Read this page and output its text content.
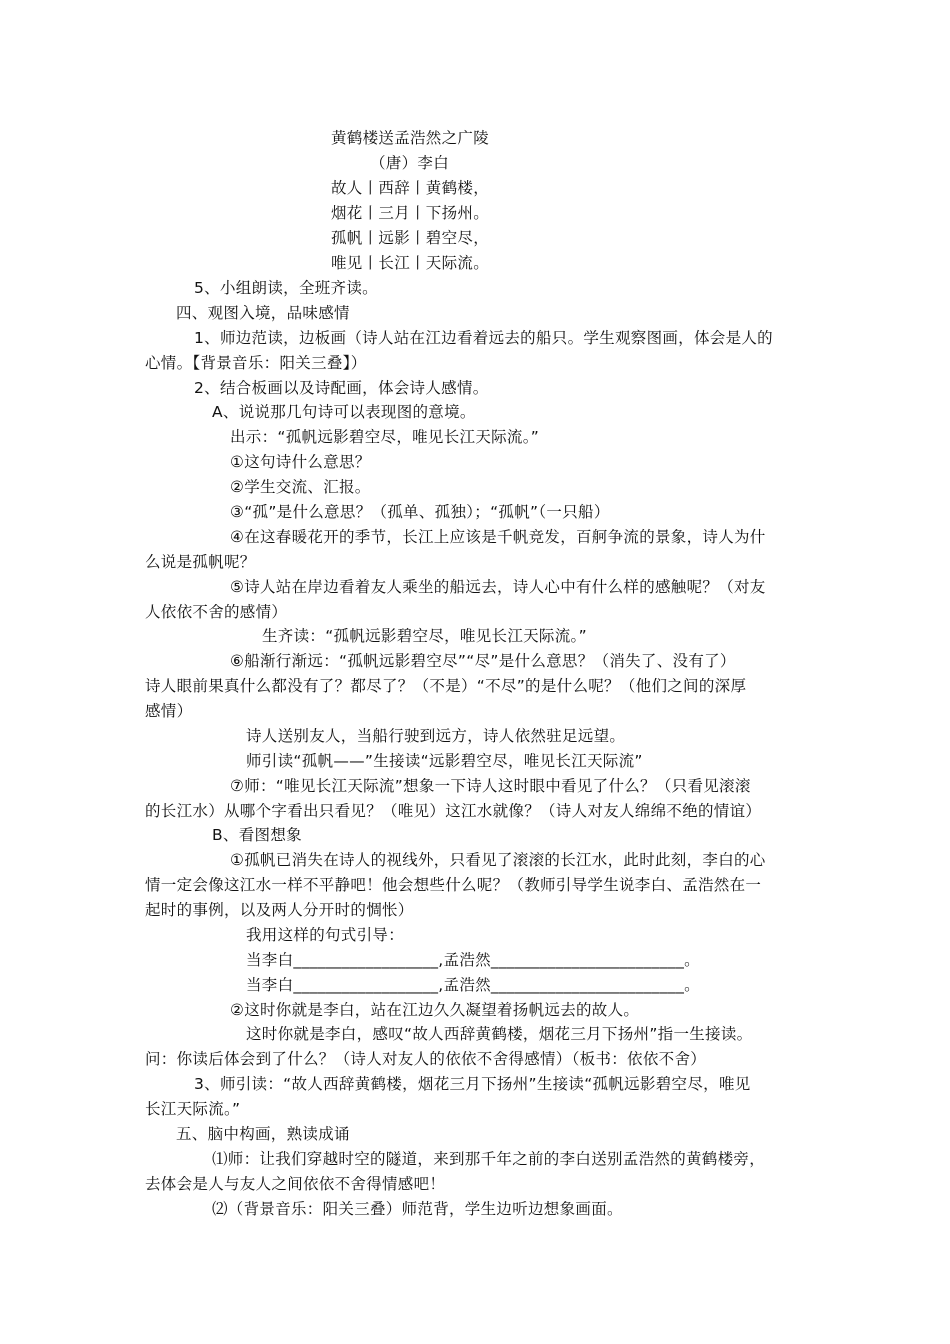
黄鹤楼送孟浩然之广陵
（唐）李白
故人丨西辞丨黄鹤楼，
烟花丨三月丨下扬州。
孤帆丨远影丨碧空尽，
唯见丨长江丨天际流。
5、小组朗读，全班齐读。
四、观图入境，品味感情
1、师边范读，边板画（诗人站在江边看着远去的船只。学生观察图画，体会是人的
心情。【背景音乐：阳关三叠】）
2、结合板画以及诗配画，体会诗人感情。
A、说说那几句诗可以表现图的意境。
出示：“孤帆远影碧空尽，唯见长江天际流。”
①这句诗什么意思？
②学生交流、汇报。
③“孤”是什么意思？（孤单、孤独）；“孤帆”（一只船）
④在这春暖花开的季节，长江上应该是千帆竞发，百舸争流的景象，诗人为什
么说是孤帆呢？
⑤诗人站在岸边看着友人乘坐的船远去，诗人心中有什么样的感触呢？（对友
人依依不舍的感情）
生齐读：“孤帆远影碧空尽，唯见长江天际流。”
⑥船渐行渐远：“孤帆远影碧空尽”“尽”是什么意思？（消失了、没有了）
诗人眼前果真什么都没有了？都尽了？（不是）“不尽”的是什么呢？（他们之间的深厚
感情）
诗人送别友人，当船行驶到远方，诗人依然驻足远望。
师引读“孤帆——”生接读“远影碧空尽，唯见长江天际流”
⑦师：“唯见长江天际流”想象一下诗人这时眼中看见了什么？（只看见滚滚
的长江水）从哪个字看出只看见？（唯见）这江水就像？（诗人对友人绵绵不绝的情谊）
B、看图想象
①孤帆已消失在诗人的视线外，只看见了滚滚的长江水，此时此刻，李白的心
情一定会像这江水一样不平静吧！他会想些什么呢？（教师引导学生说李白、孟浩然在一
起时的事例，以及两人分开时的惆怅）
我用这样的句式引导：
当李白__________________,孟浩然________________________。
当李白__________________,孟浩然________________________。
②这时你就是李白，站在江边久久凝望着扬帆远去的故人。
这时你就是李白，感叹“故人西辞黄鹤楼，烟花三月下扬州”指一生接读。
问：你读后体会到了什么？（诗人对友人的依依不舍得感情）（板书：依依不舍）
3、师引读：“故人西辞黄鹤楼，烟花三月下扬州”生接读“孤帆远影碧空尽，唯见
长江天际流。”
五、脑中构画，熟读成诵
⑴师：让我们穿越时空的隧道，来到那千年之前的李白送别孟浩然的黄鹤楼旁，
去体会是人与友人之间依依不舍得情感吧！
⑵（背景音乐：阳关三叠）师范背，学生边听边想象画面。
